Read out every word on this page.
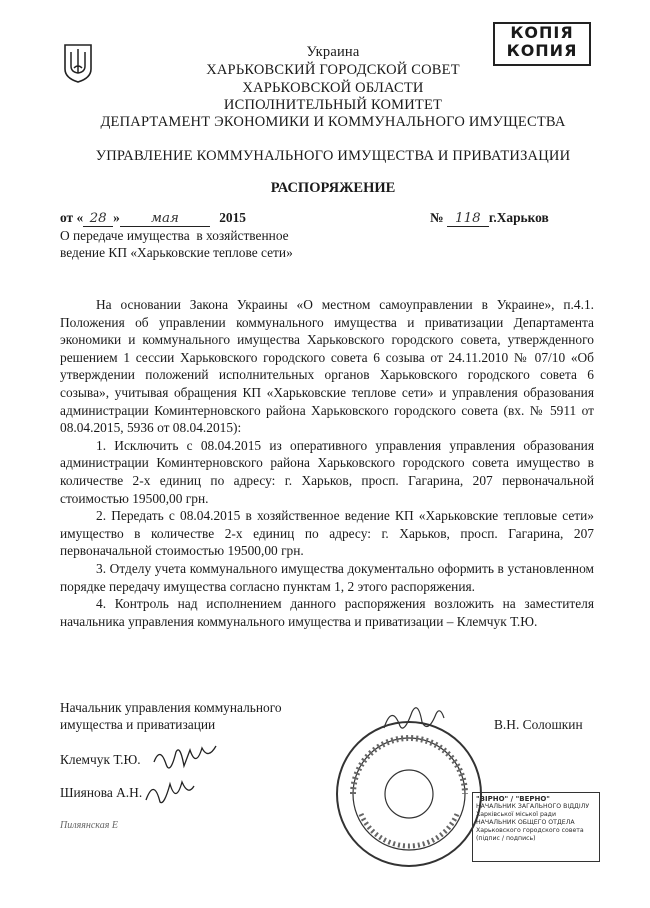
КОПІЯ
КОПИЯ
Украина
ХАРЬКОВСКИЙ ГОРОДСКОЙ СОВЕТ
ХАРЬКОВСКОЙ ОБЛАСТИ
ИСПОЛНИТЕЛЬНЫЙ КОМИТЕТ
ДЕПАРТАМЕНТ ЭКОНОМИКИ И КОММУНАЛЬНОГО ИМУЩЕСТВА
УПРАВЛЕНИЕ КОММУНАЛЬНОГО ИМУЩЕСТВА И ПРИВАТИЗАЦИИ
РАСПОРЯЖЕНИЕ
от « 28 » мая	2015	№ 118 г.Харьков
О передаче имущества  в хозяйственное
ведение КП «Харьковские теплове сети»

На основании Закона Украины «О местном самоуправлении в Украине», п.4.1. Положения об управлении коммунального имущества и приватизации Департамента экономики и коммунального имущества Харьковского городского совета, утвержденного решением 1 сессии Харьковского городского совета 6 созыва от 24.11.2010 № 07/10 «Об утверждении положений исполнительных органов Харьковского городского совета 6 созыва», учитывая обращения КП «Харьковские теплове сети» и управления образования администрации Коминтерновского района Харьковского городского совета (вх. № 5911 от 08.04.2015, 5936 от 08.04.2015):

1. Исключить с 08.04.2015 из оперативного управления управления образования администрации Коминтерновского района Харьковского городского совета имущество в количестве 2-х единиц по адресу: г. Харьков, просп. Гагарина, 207 первоначальной стоимостью 19500,00 грн.

2. Передать с 08.04.2015 в хозяйственное ведение КП «Харьковские тепловые сети» имущество в количестве 2-х единиц по адресу: г. Харьков, просп. Гагарина, 207 первоначальной стоимостью 19500,00 грн.

3. Отделу учета коммунального имущества документально оформить в установленном порядке передачу имущества согласно пунктам 1, 2 этого распоряжения.

4. Контроль над исполнением данного распоряжения возложить на заместителя начальника управления коммунального имущества и приватизации – Клемчук Т.Ю.

Начальник управления коммунального
имущества и приватизации	В.Н. Солошкин
Клемчук Т.Ю.
Шиянова А.Н.
Пиляянская Е
"ВІРНО" / "ВЕРНО"
НАЧАЛЬНИК ЗАГАЛЬНОГО ВІДДІЛУ
Харківської міської ради
НАЧАЛЬНИК ОБЩЕГО ОТДЕЛА
Харьковского городского совета
(підпис / подпись)
